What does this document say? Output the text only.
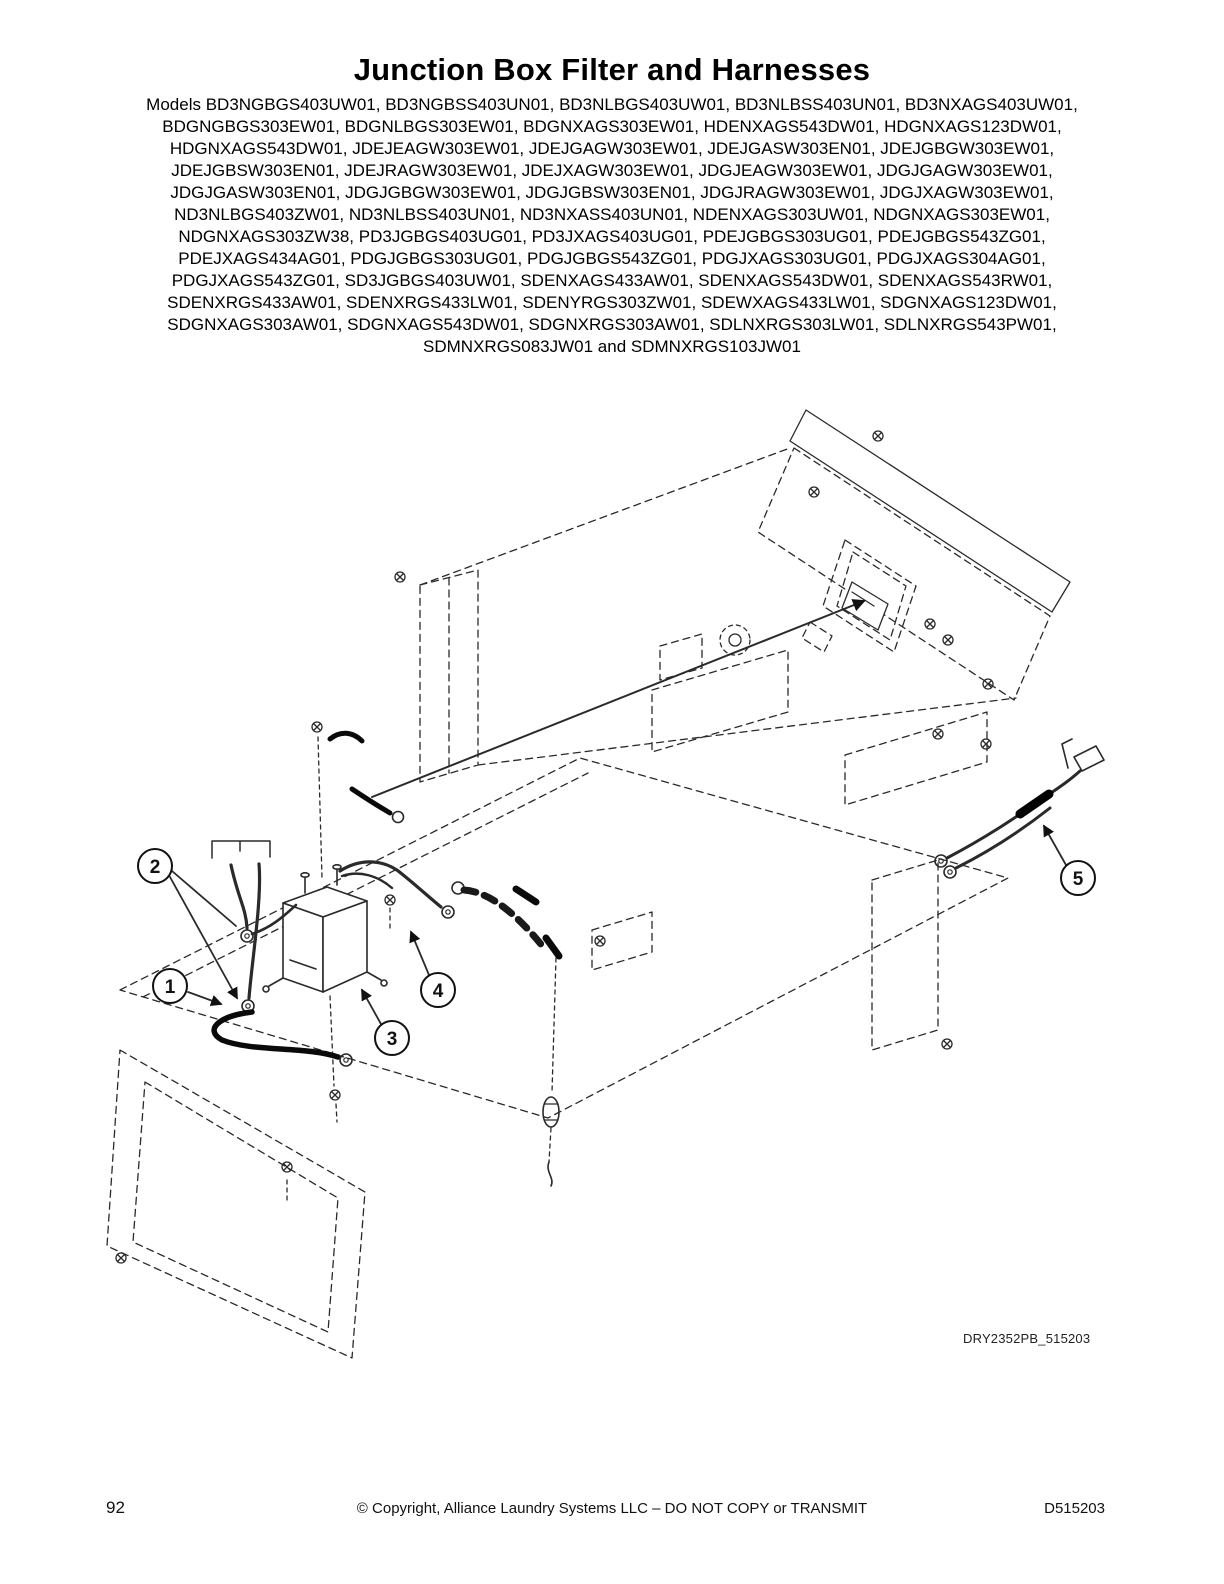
Junction Box Filter and Harnesses
Models BD3NGBGS403UW01, BD3NGBSS403UN01, BD3NLBGS403UW01, BD3NLBSS403UN01, BD3NXAGS403UW01,
BDGNGBGS303EW01, BDGNLBGS303EW01, BDGNXAGS303EW01, HDENXAGS543DW01, HDGNXAGS123DW01,
HDGNXAGS543DW01, JDEJEAGW303EW01, JDEJGAGW303EW01, JDEJGASW303EN01, JDEJGBGW303EW01,
JDEJGBSW303EN01, JDEJRAGW303EW01, JDEJXAGW303EW01, JDGJEAGW303EW01, JDGJGAGW303EW01,
JDGJGASW303EN01, JDGJGBGW303EW01, JDGJGBSW303EN01, JDGJRAGW303EW01, JDGJXAGW303EW01,
ND3NLBGS403ZW01, ND3NLBSS403UN01, ND3NXASS403UN01, NDENXAGS303UW01, NDGNXAGS303EW01,
NDGNXAGS303ZW38, PD3JGBGS403UG01, PD3JXAGS403UG01, PDEJGBGS303UG01, PDEJGBGS543ZG01,
PDEJXAGS434AG01, PDGJGBGS303UG01, PDGJGBGS543ZG01, PDGJXAGS303UG01, PDGJXAGS304AG01,
PDGJXAGS543ZG01, SD3JGBGS403UW01, SDENXAGS433AW01, SDENXAGS543DW01, SDENXAGS543RW01,
SDENXRGS433AW01, SDENXRGS433LW01, SDENYRGS303ZW01, SDEWXAGS433LW01, SDGNXAGS123DW01,
SDGNXAGS303AW01, SDGNXAGS543DW01, SDGNXRGS303AW01, SDLNXRGS303LW01, SDLNXRGS543PW01,
SDMNXRGS083JW01 and SDMNXRGS103JW01
1
2
3
4
5
DRY2352PB_515203
92	© Copyright, Alliance Laundry Systems LLC – DO NOT COPY or TRANSMIT	D515203
